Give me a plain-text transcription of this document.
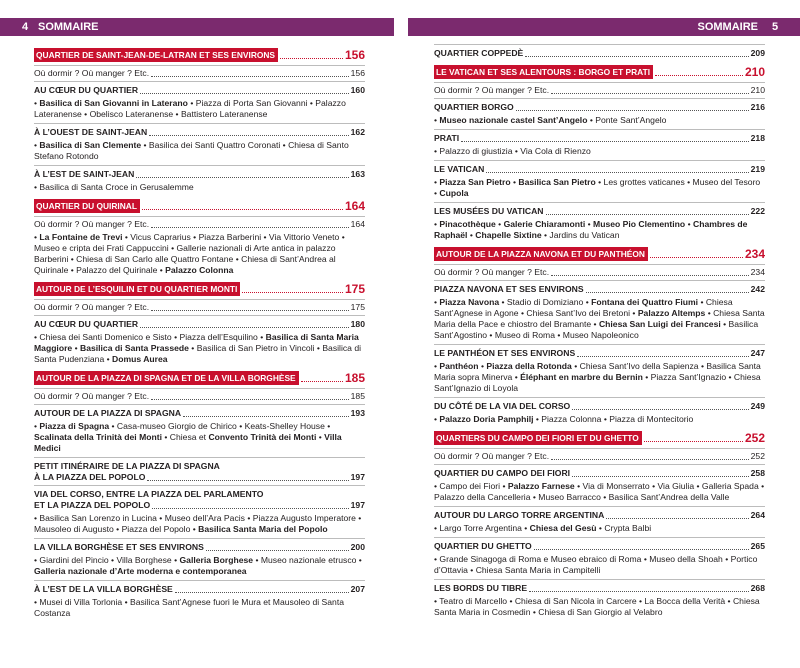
4 SOMMAIRE	SOMMAIRE	5
QUARTIER DE SAINT-JEAN-DE-LATRAN ET SES ENVIRONS	156
Où dormir ? Où manger ? Etc.	156
AU CŒUR DU QUARTIER	160
• Basilica di San Giovanni in Laterano • Piazza di Porta San Giovanni • Palazzo Lateranense • Obelisco Lateranense • Battistero Lateranense
À L’OUEST DE SAINT-JEAN	162
• Basilica di San Clemente • Basilica dei Santi Quattro Coronati • Chiesa di Santo Stefano Rotondo
À L’EST DE SAINT-JEAN	163
• Basilica di Santa Croce in Gerusalemme
QUARTIER DU QUIRINAL	164
Où dormir ? Où manger ? Etc.	164
• La Fontaine de Trevi • Vicus Caprarius • Piazza Barberini • Via Vittorio Veneto • Museo e cripta dei Frati Cappuccini • Gallerie nazionali di Arte antica in palazzo Barberini • Chiesa di San Carlo alle Quattro Fontane • Chiesa di Sant’Andrea al Quirinale • Palazzo del Quirinale • Palazzo Colonna
AUTOUR DE L’ESQUILIN ET DU QUARTIER MONTI	175
Où dormir ? Où manger ? Etc.	175
AU CŒUR DU QUARTIER	180
• Chiesa dei Santi Domenico e Sisto • Piazza dell’Esquilino • Basilica di Santa Maria Maggiore • Basilica di Santa Prassede • Basilica di San Pietro in Vincoli • Basilica di Santa Pudenziana • Domus Aurea
AUTOUR DE LA PIAZZA DI SPAGNA ET DE LA VILLA BORGHÈSE	185
Où dormir ? Où manger ? Etc.	185
AUTOUR DE LA PIAZZA DI SPAGNA	193
• Piazza di Spagna • Casa-museo Giorgio de Chirico • Keats-Shelley House • Scalinata della Trinità dei Monti • Chiesa et Convento Trinità dei Monti • Villa Medici
PETIT ITINÉRAIRE DE LA PIAZZA DI SPAGNA
À LA PIAZZA DEL POPOLO	197
VIA DEL CORSO, ENTRE LA PIAZZA DEL PARLAMENTO
ET LA PIAZZA DEL POPOLO	197
• Basilica San Lorenzo in Lucina • Museo dell’Ara Pacis • Piazza Augusto Imperatore • Mausoleo di Augusto • Piazza del Popolo • Basilica Santa Maria del Popolo
LA VILLA BORGHÈSE ET SES ENVIRONS	200
• Giardini del Pincio • Villa Borghese • Galleria Borghese • Museo nazionale etrusco • Galleria nazionale d’Arte moderna e contemporanea
À L’EST DE LA VILLA BORGHÈSE	207
• Musei di Villa Torlonia • Basilica Sant’Agnese fuori le Mura et Mausoleo di Santa Costanza
QUARTIER COPPEDÈ	209
LE VATICAN ET SES ALENTOURS : BORGO ET PRATI	210
Où dormir ? Où manger ? Etc.	210
QUARTIER BORGO	216
• Museo nazionale castel Sant’Angelo • Ponte Sant’Angelo
PRATI	218
• Palazzo di giustizia • Via Cola di Rienzo
LE VATICAN	219
• Piazza San Pietro • Basilica San Pietro • Les grottes vaticanes • Museo del Tesoro • Cupola
LES MUSÉES DU VATICAN	222
• Pinacothèque • Galerie Chiaramonti • Museo Pio Clementino • Chambres de Raphaël • Chapelle Sixtine • Jardins du Vatican
AUTOUR DE LA PIAZZA NAVONA ET DU PANTHÉON	234
Où dormir ? Où manger ? Etc.	234
PIAZZA NAVONA ET SES ENVIRONS	242
• Piazza Navona • Stadio di Domiziano • Fontana dei Quattro Fiumi • Chiesa Sant’Agnese in Agone • Chiesa Sant’Ivo dei Bretoni • Palazzo Altemps • Chiesa Santa Maria della Pace e chiostro del Bramante • Chiesa San Luigi dei Francesi • Basilica Sant’Agostino • Museo di Roma • Museo Napoleonico
LE PANTHÉON ET SES ENVIRONS	247
• Panthéon • Piazza della Rotonda • Chiesa Sant’Ivo della Sapienza • Basilica Santa Maria sopra Minerva • Éléphant en marbre du Bernin • Piazza Sant’Ignazio • Chiesa Sant’Ignazio di Loyola
DU CÔTÉ DE LA VIA DEL CORSO	249
• Palazzo Doria Pamphilj • Piazza Colonna • Piazza di Montecitorio
QUARTIERS DU CAMPO DEI FIORI ET DU GHETTO	252
Où dormir ? Où manger ? Etc.	252
QUARTIER DU CAMPO DEI FIORI	258
• Campo dei Fiori • Palazzo Farnese • Via di Monserrato • Via Giulia • Galleria Spada • Palazzo della Cancelleria • Museo Barracco • Basilica Sant’Andrea della Valle
AUTOUR DU LARGO TORRE ARGENTINA	264
• Largo Torre Argentina • Chiesa del Gesù • Crypta Balbi
QUARTIER DU GHETTO	265
• Grande Sinagoga di Roma e Museo ebraico di Roma • Museo della Shoah • Portico d’Ottavia • Chiesa Santa Maria in Campitelli
LES BORDS DU TIBRE	268
• Teatro di Marcello • Chiesa di San Nicola in Carcere • La Bocca della Verità • Chiesa Santa Maria in Cosmedin • Chiesa di San Giorgio al Velabro
